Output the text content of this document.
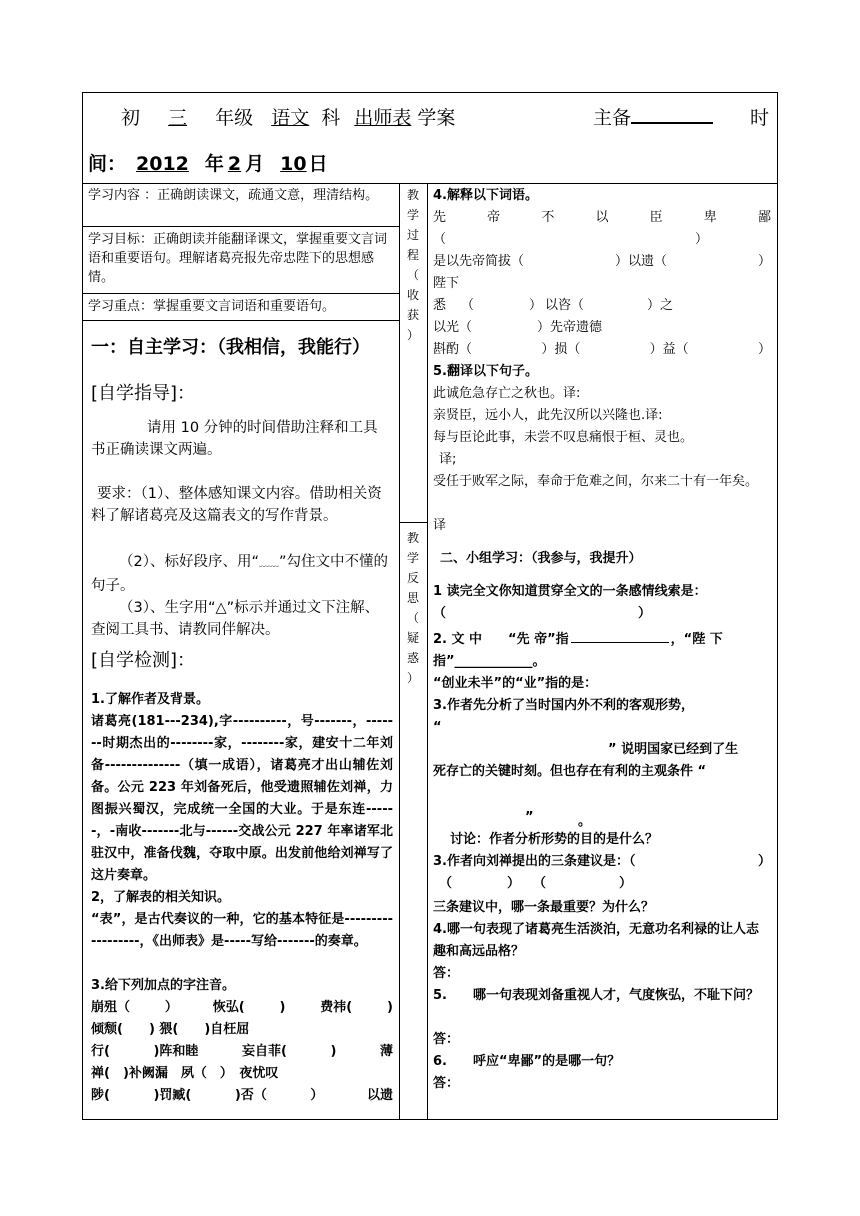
初 三 年级 语文 科 出师表 学案	主备	时
间： 2012 年 2 月 10 日
学习内容 ：正确朗读课文，疏通文意，理清结构。
学习目标：正确朗读并能翻译课文，掌握重要文言词语和重要语句。理解诸葛亮报先帝忠陛下的思想感情。
学习重点：掌握重要文言词语和重要语句。
一：自主学习：（我相信，我能行）
[自学指导]：
请用 10 分钟的时间借助注释和工具书正确读课文两遍。
要求：（1）、整体感知课文内容。借助相关资料了解诸葛亮及这篇表文的写作背景。
（2）、标好段序、用“﹏﹏”勾住文中不懂的句子。
（3）、生字用“△”标示并通过文下注解、查阅工具书、请教同伴解决。
[自学检测]：
1.了解作者及背景。
诸葛亮(181---234),字----------，号-------，-------时期杰出的--------家，--------家，建安十二年刘备--------------（填一成语），诸葛亮才出山辅佐刘备。公元 223 年刘备死后，他受遗照辅佐刘禅，力图振兴蜀汉，完成统一全国的大业。于是东连------，-南收-------北与------交战公元 227 年率诸军北驻汉中，准备伐魏，夺取中原。出发前他给刘禅写了这片奏章。
2，了解表的相关知识。
“表”，是古代奏议的一种，它的基本特征是------------------，《出师表》是-----写给-------的奏章。
3.给下列加点的字注音。
崩殂（	）	恢弘(	)	费祎(	)
倾颓(　　) 猥(　　)自枉屈
行(	)阵和睦	妄自菲(	)	薄
禅(　)补阙漏　夙（　）　夜忧叹
陟(	)罚臧(	)否（	）	以遗
教
学
过
程
（
收
获
）
教
学
反
思
（
疑
惑
）
4.解释以下词语。
先	帝	不	以	臣	卑	鄙
（	）
是以先帝简拔（	）以遗（	）
陛下
悉 （	） 以咨（	）之
以光（　　　　　）先帝遗德
斟酌（	）损（	）益（	）
5.翻译以下句子。
此诚危急存亡之秋也。译:
亲贤臣，远小人，此先汉所以兴隆也.译:
每与臣论此事，未尝不叹息痛恨于桓、灵也。
译;
受任于败军之际，奉命于危难之间，尔来二十有一年矣。
译
二、小组学习：（我参与，我提升）
1 读完全文你知道贯穿全文的一条感情线索是：
（	）
2. 文 中　　“先 帝”指	，“陛 下
指”____________。
“创业未半”的“业”指的是：
3.作者先分析了当时国内外不利的客观形势，
“
” 说明国家已经到了生
死存亡的关键时刻。但也存在有利的主观条件 “
”	。
讨论：作者分析形势的目的是什么？
3.作者向刘禅提出的三条建议是：（	）
（	） （	）
三条建议中，哪一条最重要？为什么？
4.哪一句表现了诸葛亮生活淡泊，无意功名利禄的让人志趣和高远品格？
答：
5.　　哪一句表现刘备重视人才，气度恢弘，不耻下问？
答：
6.　　呼应“卑鄙”的是哪一句？
答：
